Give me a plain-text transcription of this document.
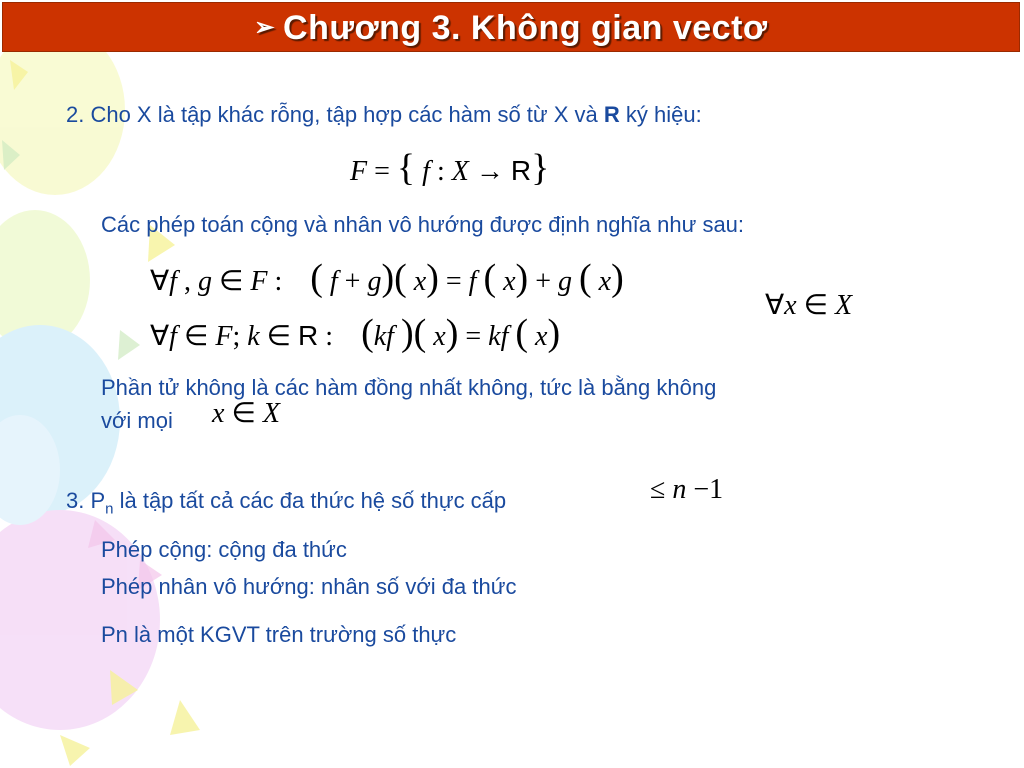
➢ Chương 3. Không gian vectơ
2. Cho X là tập khác rỗng, tập hợp các hàm số từ X và R ký hiệu:
F = { f : X → R}
Các phép toán cộng và nhân vô hướng được định nghĩa như sau:
∀f , g ∈ F : ( f + g)( x) = f ( x) + g ( x)
∀f ∈ F; k ∈ R : (kf )( x) = kf ( x)
∀x ∈ X
Phần tử không là các hàm đồng nhất không, tức là bằng không
với mọi x ∈ X
3. $P_n$ là tập tất cả các đa thức hệ số thực cấp	≤ n −1
Phép cộng: cộng đa thức
Phép nhân vô hướng: nhân số với đa thức
Pn là một KGVT trên trường số thực
